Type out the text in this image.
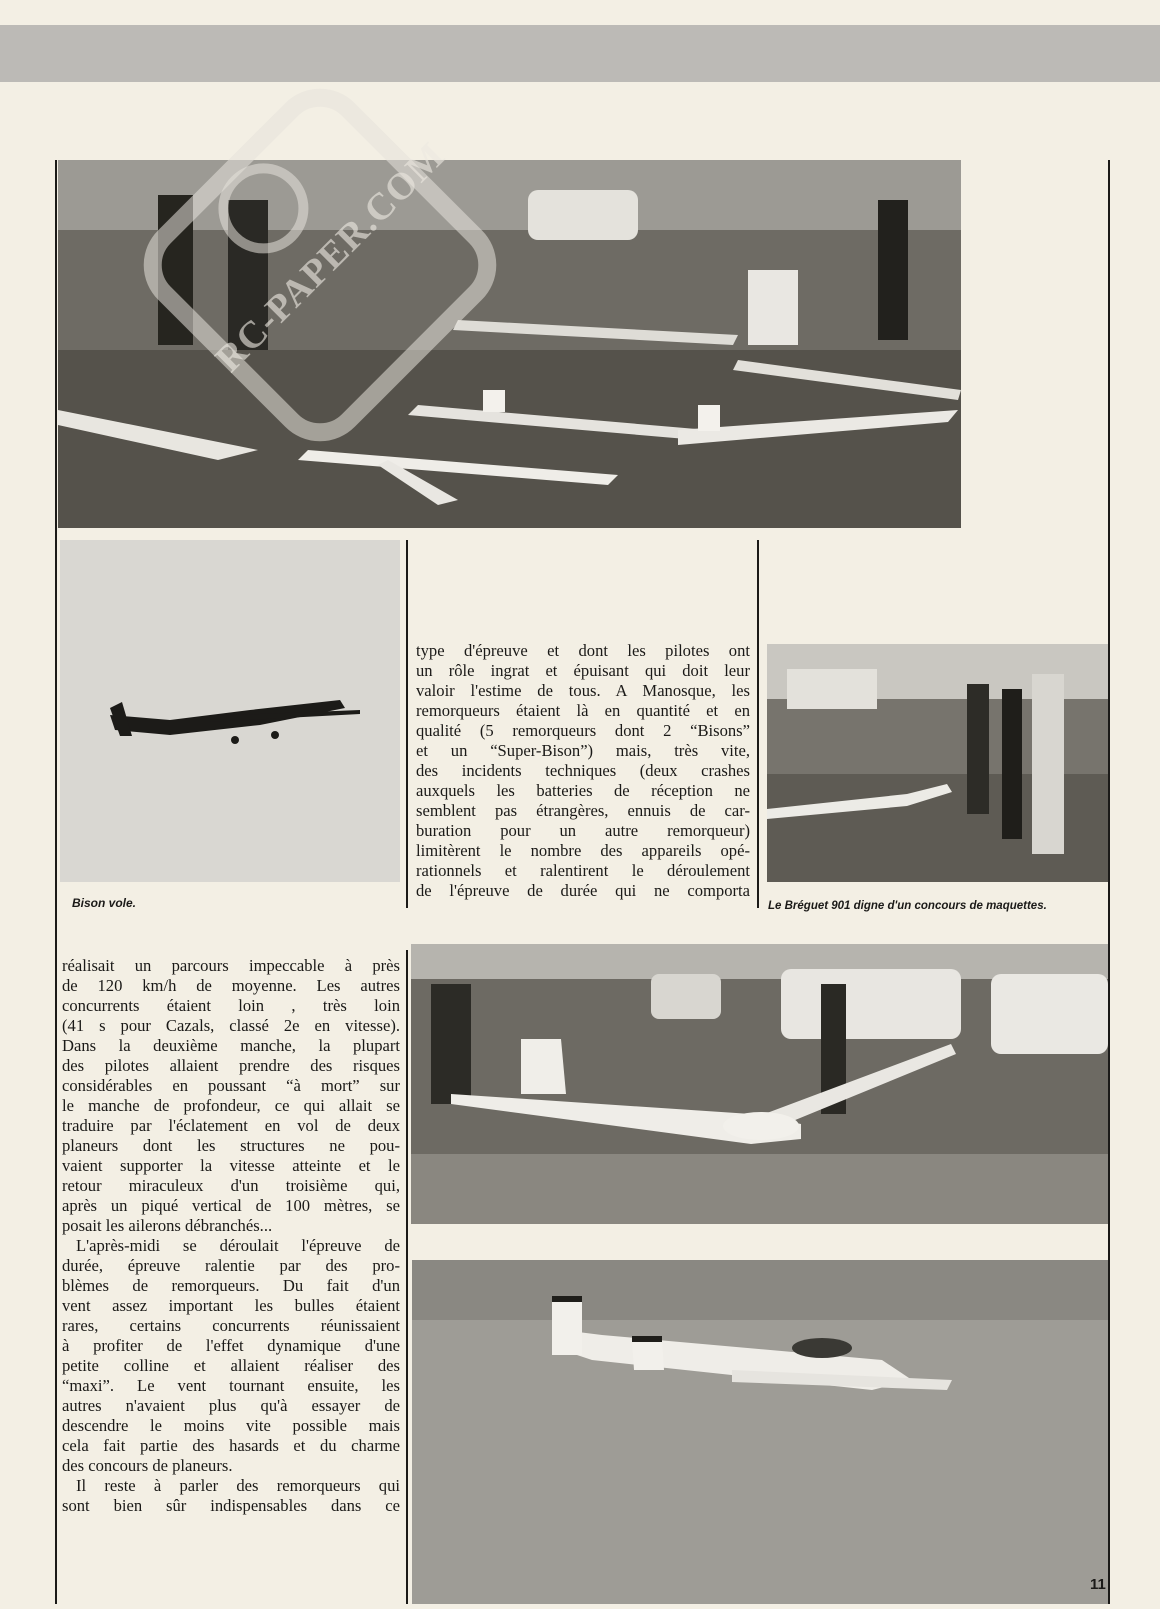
RC-PAPER.COM

Bison vole.

type d'épreuve et dont les pilotes ont
un rôle ingrat et épuisant qui doit leur
valoir l'estime de tous. A Manosque, les
remorqueurs étaient là en quantité et en
qualité (5 remorqueurs dont 2 “Bisons”
et un “Super-Bison”) mais, très vite,
des incidents techniques (deux crashes
auxquels les batteries de réception ne
semblent pas étrangères, ennuis de car-
buration pour un autre remorqueur)
limitèrent le nombre des appareils opé-
rationnels et ralentirent le déroulement
de l'épreuve de durée qui ne comporta

Le Bréguet 901 digne d'un concours de maquettes.

réalisait un parcours impeccable à près
de 120 km/h de moyenne. Les autres
concurrents étaient loin , très loin
(41 s pour Cazals, classé 2e en vitesse).
Dans la deuxième manche, la plupart
des pilotes allaient prendre des risques
considérables en poussant “à mort” sur
le manche de profondeur, ce qui allait se
traduire par l'éclatement en vol de deux
planeurs dont les structures ne pou-
vaient supporter la vitesse atteinte et le
retour miraculeux d'un troisième qui,
après un piqué vertical de 100 mètres, se
posait les ailerons débranchés...
L'après-midi se déroulait l'épreuve de
durée, épreuve ralentie par des pro-
blèmes de remorqueurs. Du fait d'un
vent assez important les bulles étaient
rares, certains concurrents réunissaient
à profiter de l'effet dynamique d'une
petite colline et allaient réaliser des
“maxi”. Le vent tournant ensuite, les
autres n'avaient plus qu'à essayer de
descendre le moins vite possible mais
cela fait partie des hasards et du charme
des concours de planeurs.
Il reste à parler des remorqueurs qui
sont bien sûr indispensables dans ce

11
